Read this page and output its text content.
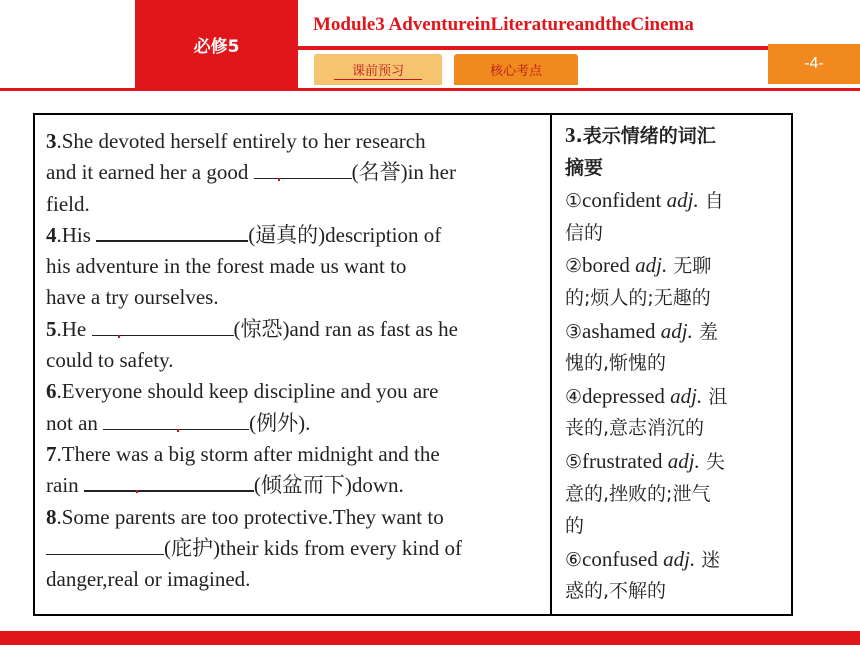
必修5
Module3 AdventureinLiteratureandtheCinema
课前预习	核心考点	-4-
3.She devoted herself entirely to her research
and it earned her a good	(名誉)in her
field.
4.His	(逼真的)description of
his adventure in the forest made us want to
have a try ourselves.
5.He	(惊恐)and ran as fast as he
could to safety.
6.Everyone should keep discipline and you are
not an	(例外).
7.There was a big storm after midnight and the
rain	(倾盆而下)down.
8.Some parents are too protective.They want to
(庇护)their kids from every kind of
danger,real or imagined.
3.表示情绪的词汇
摘要
①confident adj. 自
信的
②bored adj. 无聊
的;烦人的;无趣的
③ashamed adj. 羞
愧的,惭愧的
④depressed adj. 沮
丧的,意志消沉的
⑤frustrated adj. 失
意的,挫败的;泄气
的
⑥confused adj. 迷
惑的,不解的
